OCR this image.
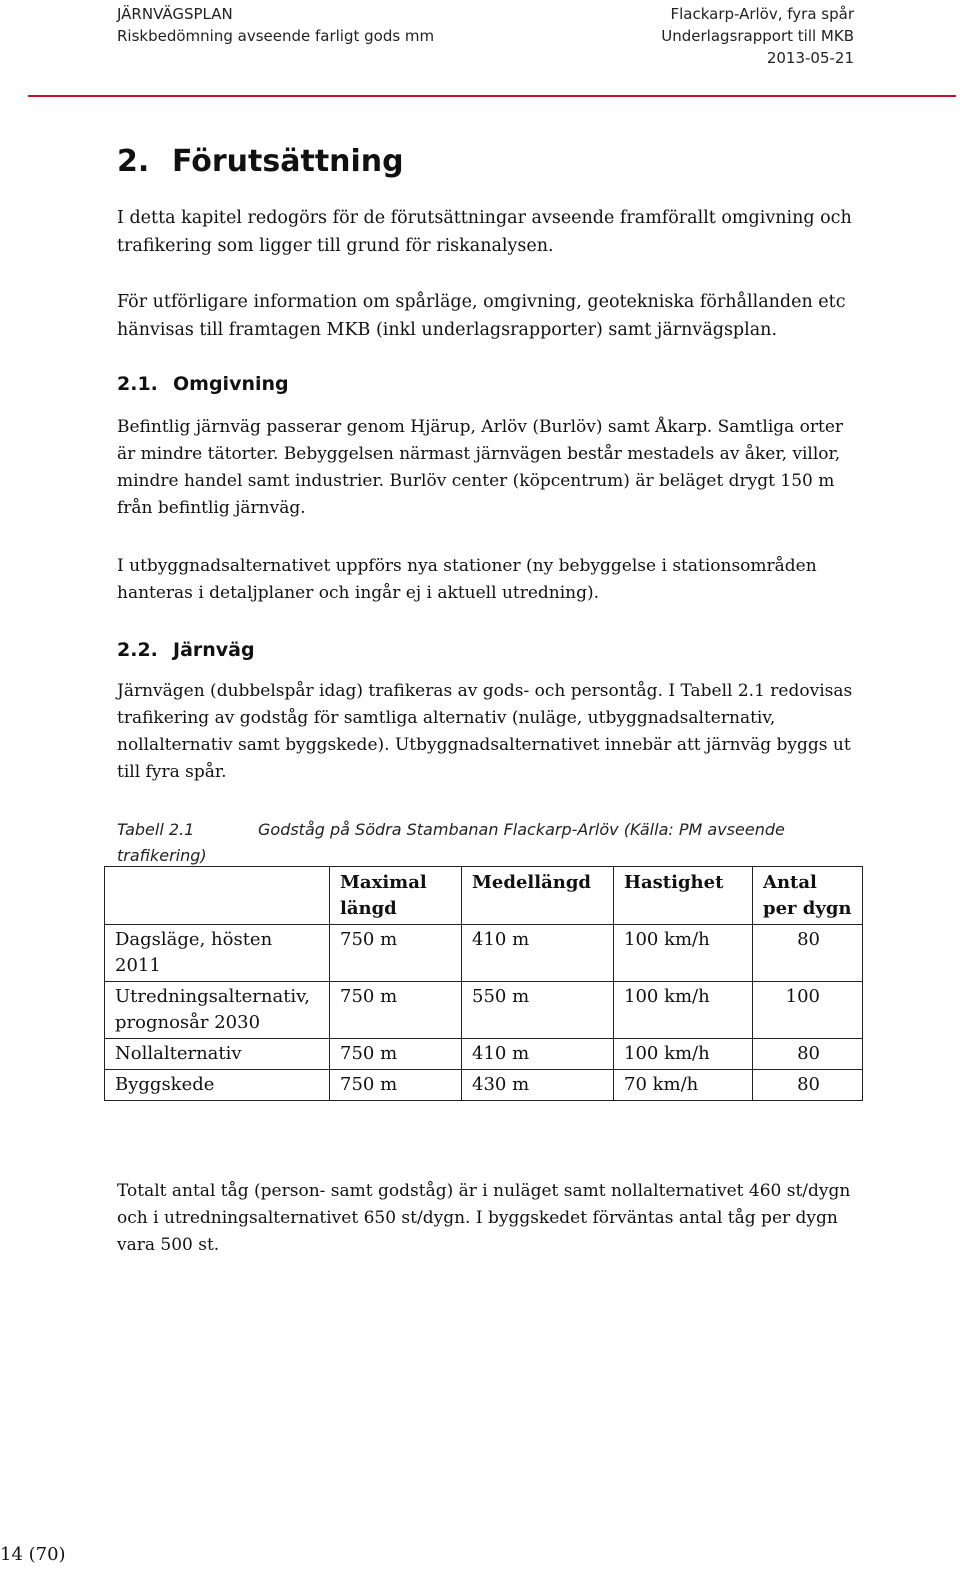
JÄRNVÄGSPLAN
Riskbedömning avseende farligt gods mm
Flackarp-Arlöv, fyra spår
Underlagsrapport till MKB
2013-05-21
2. Förutsättning

I detta kapitel redogörs för de förutsättningar avseende framförallt omgivning och trafikering som ligger till grund för riskanalysen.

För utförligare information om spårläge, omgivning, geotekniska förhållanden etc hänvisas till framtagen MKB (inkl underlagsrapporter) samt järnvägsplan.

2.1. Omgivning

Befintlig järnväg passerar genom Hjärup, Arlöv (Burlöv) samt Åkarp. Samtliga orter är mindre tätorter. Bebyggelsen närmast järnvägen består mestadels av åker, villor, mindre handel samt industrier. Burlöv center (köpcentrum) är beläget drygt 150 m från befintlig järnväg.

I utbyggnadsalternativet uppförs nya stationer (ny bebyggelse i stationsområden hanteras i detaljplaner och ingår ej i aktuell utredning).

2.2. Järnväg

Järnvägen (dubbelspår idag) trafikeras av gods- och persontåg. I Tabell 2.1 redovisas trafikering av godståg för samtliga alternativ (nuläge, utbyggnadsalternativ, nollalternativ samt byggskede). Utbyggnadsalternativet innebär att järnväg byggs ut till fyra spår.

Tabell 2.1	Godståg på Södra Stambanan Flackarp-Arlöv (Källa: PM avseende trafikering)
	Maximal längd	Medellängd	Hastighet	Antal per dygn
Dagsläge, hösten 2011	750 m	410 m	100 km/h	80
Utredningsalternativ, prognosår 2030	750 m	550 m	100 km/h	100
Nollalternativ	750 m	410 m	100 km/h	80
Byggskede	750 m	430 m	70 km/h	80

Totalt antal tåg (person- samt godståg) är i nuläget samt nollalternativet 460 st/dygn och i utredningsalternativet 650 st/dygn. I byggskedet förväntas antal tåg per dygn vara 500 st.

14 (70)
